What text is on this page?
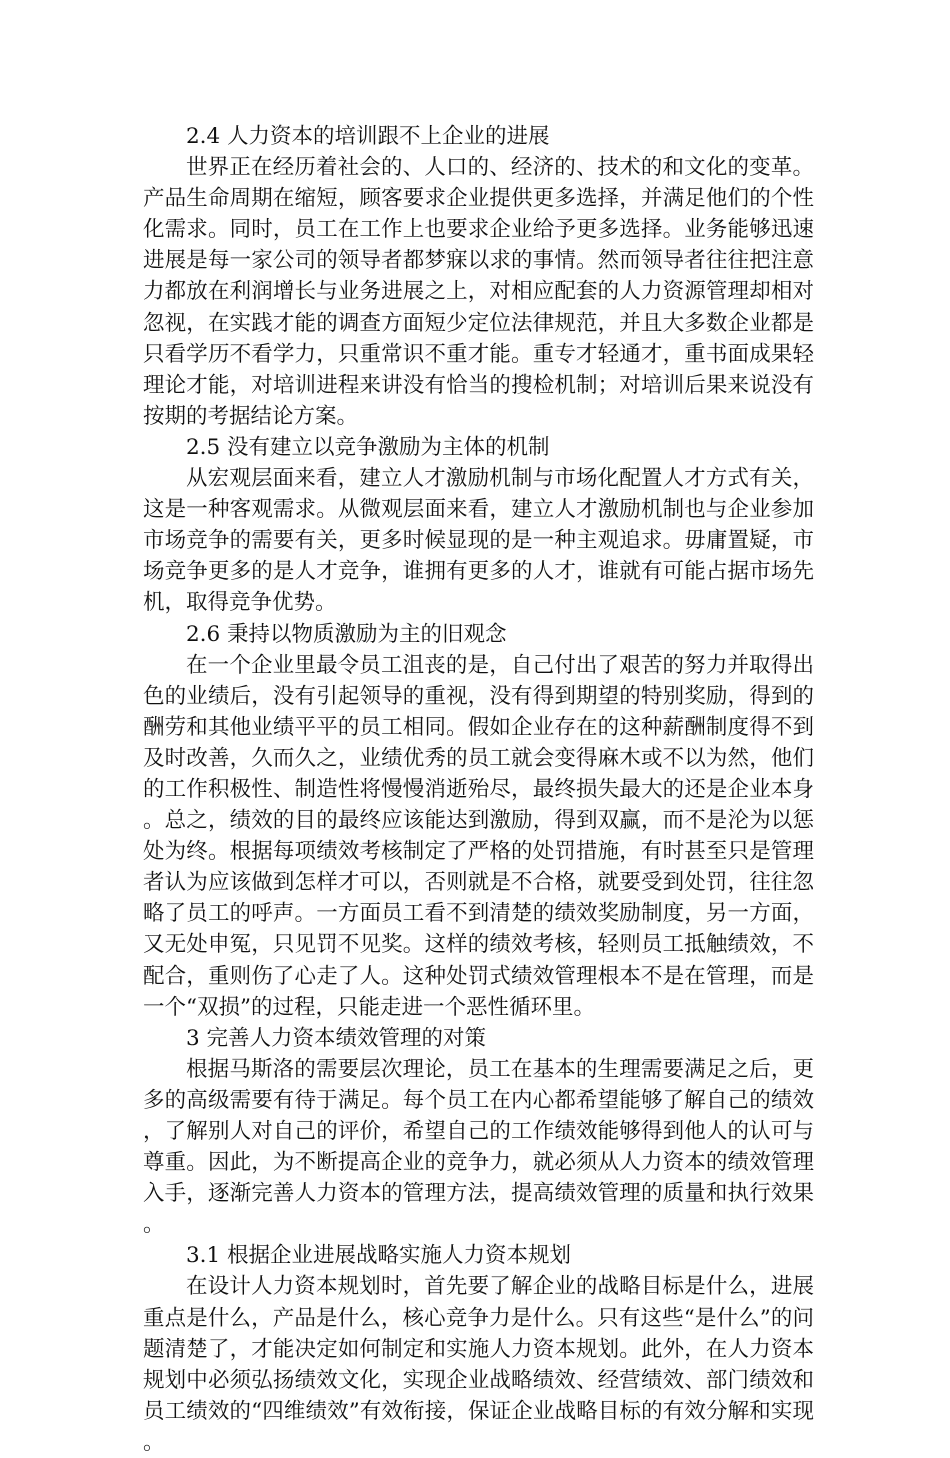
2.4 人力资本的培训跟不上企业的进展

世界正在经历着社会的、人口的、经济的、技术的和文化的变革。产品生命周期在缩短，顾客要求企业提供更多选择，并满足他们的个性化需求。同时，员工在工作上也要求企业给予更多选择。业务能够迅速进展是每一家公司的领导者都梦寐以求的事情。然而领导者往往把注意力都放在利润增长与业务进展之上，对相应配套的人力资源管理却相对忽视，在实践才能的调查方面短少定位法律规范，并且大多数企业都是只看学历不看学力，只重常识不重才能。重专才轻通才，重书面成果轻理论才能，对培训进程来讲没有恰当的搜检机制；对培训后果来说没有按期的考据结论方案。

2.5 没有建立以竞争激励为主体的机制

从宏观层面来看，建立人才激励机制与市场化配置人才方式有关，这是一种客观需求。从微观层面来看，建立人才激励机制也与企业参加市场竞争的需要有关，更多时候显现的是一种主观追求。毋庸置疑，市场竞争更多的是人才竞争，谁拥有更多的人才，谁就有可能占据市场先机，取得竞争优势。

2.6 秉持以物质激励为主的旧观念

在一个企业里最令员工沮丧的是，自己付出了艰苦的努力并取得出色的业绩后，没有引起领导的重视，没有得到期望的特别奖励，得到的酬劳和其他业绩平平的员工相同。假如企业存在的这种薪酬制度得不到及时改善，久而久之，业绩优秀的员工就会变得麻木或不以为然，他们的工作积极性、制造性将慢慢消逝殆尽，最终损失最大的还是企业本身。总之，绩效的目的最终应该能达到激励，得到双赢，而不是沦为以惩处为终。根据每项绩效考核制定了严格的处罚措施，有时甚至只是管理者认为应该做到怎样才可以，否则就是不合格，就要受到处罚，往往忽略了员工的呼声。一方面员工看不到清楚的绩效奖励制度，另一方面，又无处申冤，只见罚不见奖。这样的绩效考核，轻则员工抵触绩效，不配合，重则伤了心走了人。这种处罚式绩效管理根本不是在管理，而是一个“双损”的过程，只能走进一个恶性循环里。

3 完善人力资本绩效管理的对策

根据马斯洛的需要层次理论，员工在基本的生理需要满足之后，更多的高级需要有待于满足。每个员工在内心都希望能够了解自己的绩效，了解别人对自己的评价，希望自己的工作绩效能够得到他人的认可与尊重。因此，为不断提高企业的竞争力，就必须从人力资本的绩效管理入手，逐渐完善人力资本的管理方法，提高绩效管理的质量和执行效果。

3.1 根据企业进展战略实施人力资本规划

在设计人力资本规划时，首先要了解企业的战略目标是什么，进展重点是什么，产品是什么，核心竞争力是什么。只有这些“是什么”的问题清楚了，才能决定如何制定和实施人力资本规划。此外，在人力资本规划中必须弘扬绩效文化，实现企业战略绩效、经营绩效、部门绩效和员工绩效的“四维绩效”有效衔接，保证企业战略目标的有效分解和实现。
